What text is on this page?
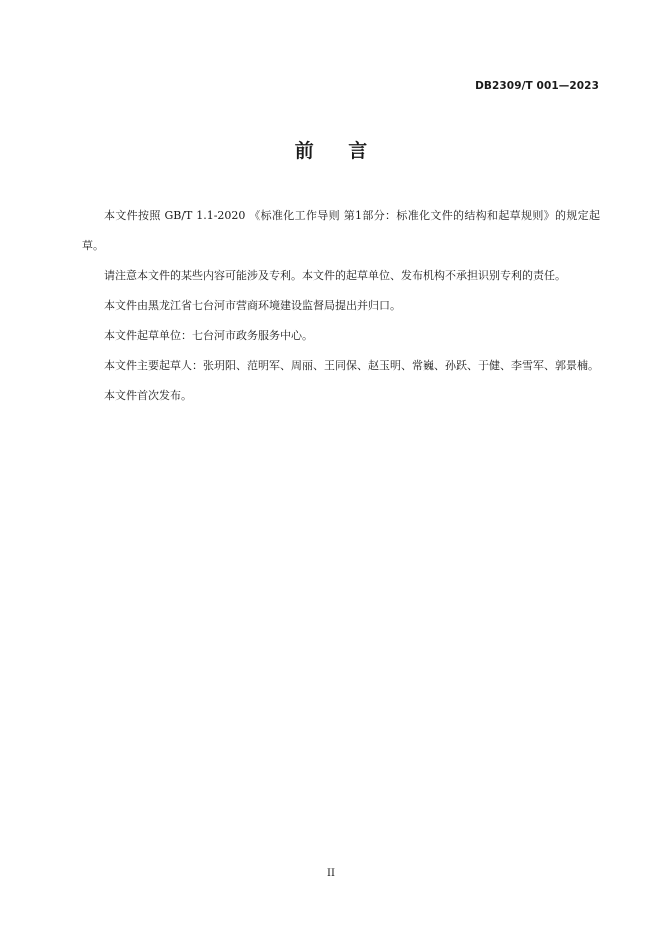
DB2309/T 001—2023
前 言

本文件按照 GB/T 1.1-2020 《标准化工作导则 第1部分：标准化文件的结构和起草规则》的规定起草。

请注意本文件的某些内容可能涉及专利。本文件的起草单位、发布机构不承担识别专利的责任。

本文件由黑龙江省七台河市营商环境建设监督局提出并归口。

本文件起草单位：七台河市政务服务中心。

本文件主要起草人：张玥阳、范明军、周丽、王同保、赵玉明、常巍、孙跃、于健、李雪军、郭景楠。

本文件首次发布。

II
